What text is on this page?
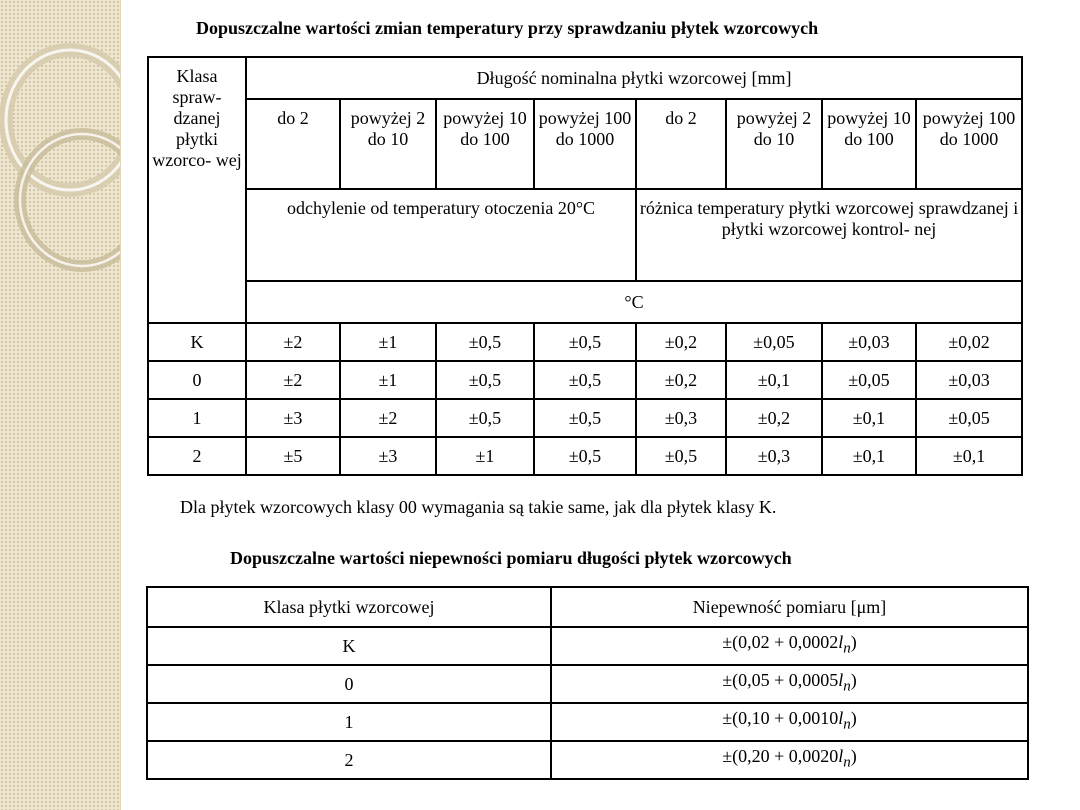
Dopuszczalne wartości zmian temperatury przy sprawdzaniu płytek wzorcowych
Klasa spraw- dzanej płytki wzorco- wej	Długość nominalna płytki wzorcowej [mm]							
	do 2	powyżej 2 do 10	powyżej 10 do 100	powyżej 100 do 1000	do 2	powyżej 2 do 10	powyżej 10 do 100	powyżej 100 do 1000
	odchylenie od temperatury otoczenia 20°C				różnica temperatury płytki wzorcowej sprawdzanej i płytki wzorcowej kontrol- nej			
	°C							
K	±2	±1	±0,5	±0,5	±0,2	±0,05	±0,03	±0,02
0	±2	±1	±0,5	±0,5	±0,2	±0,1	±0,05	±0,03
1	±3	±2	±0,5	±0,5	±0,3	±0,2	±0,1	±0,05
2	±5	±3	±1	±0,5	±0,5	±0,3	±0,1	±0,1
Dla płytek wzorcowych klasy 00 wymagania są takie same, jak dla płytek klasy K.
Dopuszczalne wartości niepewności pomiaru długości płytek wzorcowych
Klasa płytki wzorcowej	Niepewność pomiaru [μm]
K	$\pm(0,02 + 0,0002l_n)$
0	$\pm(0,05 + 0,0005l_n)$
1	$\pm(0,10 + 0,0010l_n)$
2	$\pm(0,20 + 0,0020l_n)$
